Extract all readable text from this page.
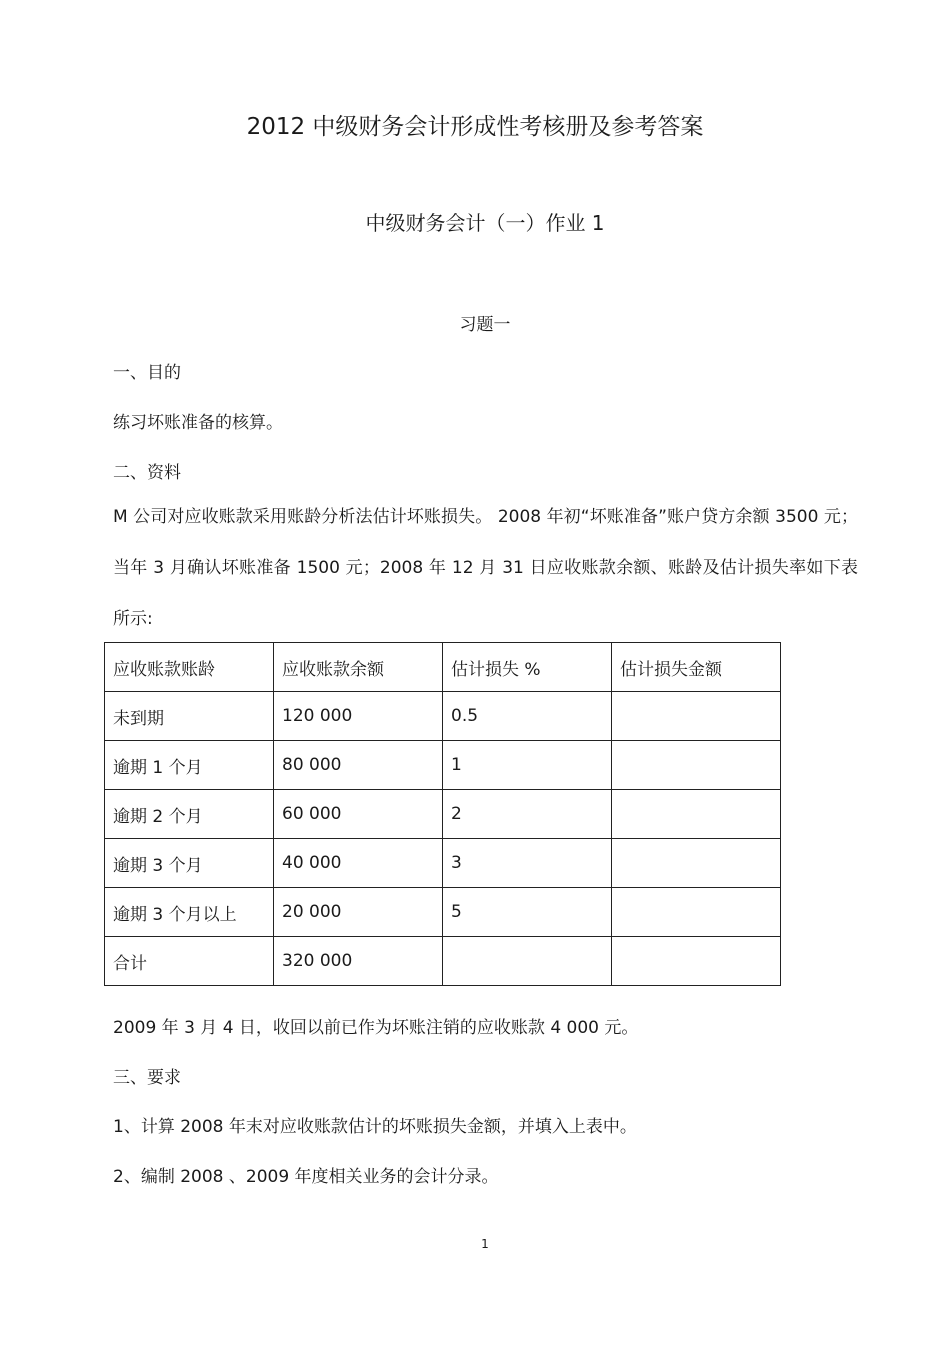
2012 中级财务会计形成性考核册及参考答案
中级财务会计（一）作业 1
习题一
一、目的
练习坏账准备的核算。
二、资料
M 公司对应收账款采用账龄分析法估计坏账损失。 2008 年初“坏账准备”账户贷方余额 3500 元；当年 3 月确认坏账准备 1500 元；2008 年 12 月 31 日应收账款余额、账龄及估计损失率如下表所示:
应收账款账龄	应收账款余额	估计损失 %	估计损失金额
未到期	120 000	0.5	
逾期 1 个月	80 000	1	
逾期 2 个月	60 000	2	
逾期 3 个月	40 000	3	
逾期 3 个月以上	20 000	5	
合计	320 000		
2009 年 3 月 4 日，收回以前已作为坏账注销的应收账款 4 000 元。
三、要求
1、计算 2008 年末对应收账款估计的坏账损失金额，并填入上表中。
2、编制 2008 、2009 年度相关业务的会计分录。
1
